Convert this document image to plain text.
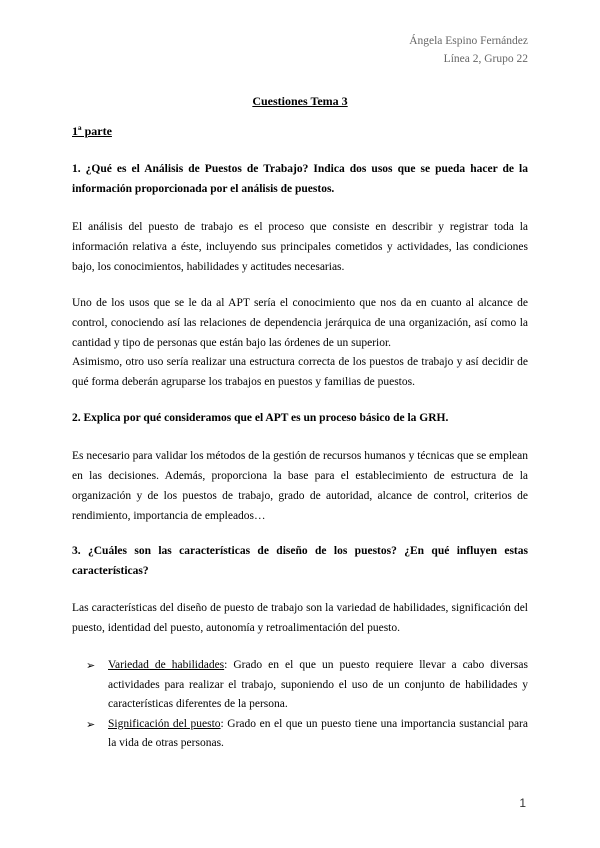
Ángela Espino Fernández
Línea 2, Grupo 22
Cuestiones Tema 3
1ª parte
1. ¿Qué es el Análisis de Puestos de Trabajo? Indica dos usos que se pueda hacer de la información proporcionada por el análisis de puestos.
El análisis del puesto de trabajo es el proceso que consiste en describir y registrar toda la información relativa a éste, incluyendo sus principales cometidos y actividades, las condiciones bajo, los conocimientos, habilidades y actitudes necesarias.
Uno de los usos que se le da al APT sería el conocimiento que nos da en cuanto al alcance de control, conociendo así las relaciones de dependencia jerárquica de una organización, así como la cantidad y tipo de personas que están bajo las órdenes de un superior.
Asimismo, otro uso sería realizar una estructura correcta de los puestos de trabajo y así decidir de qué forma deberán agruparse los trabajos en puestos y familias de puestos.
2. Explica por qué consideramos que el APT es un proceso básico de la GRH.
Es necesario para validar los métodos de la gestión de recursos humanos y técnicas que se emplean en las decisiones. Además, proporciona la base para el establecimiento de estructura de la organización y de los puestos de trabajo, grado de autoridad, alcance de control, criterios de rendimiento, importancia de empleados…
3. ¿Cuáles son las características de diseño de los puestos? ¿En qué influyen estas características?
Las características del diseño de puesto de trabajo son la variedad de habilidades, significación del puesto, identidad del puesto, autonomía y retroalimentación del puesto.
➢ Variedad de habilidades: Grado en el que un puesto requiere llevar a cabo diversas actividades para realizar el trabajo, suponiendo el uso de un conjunto de habilidades y características diferentes de la persona.
➢ Significación del puesto: Grado en el que un puesto tiene una importancia sustancial para la vida de otras personas.
1
